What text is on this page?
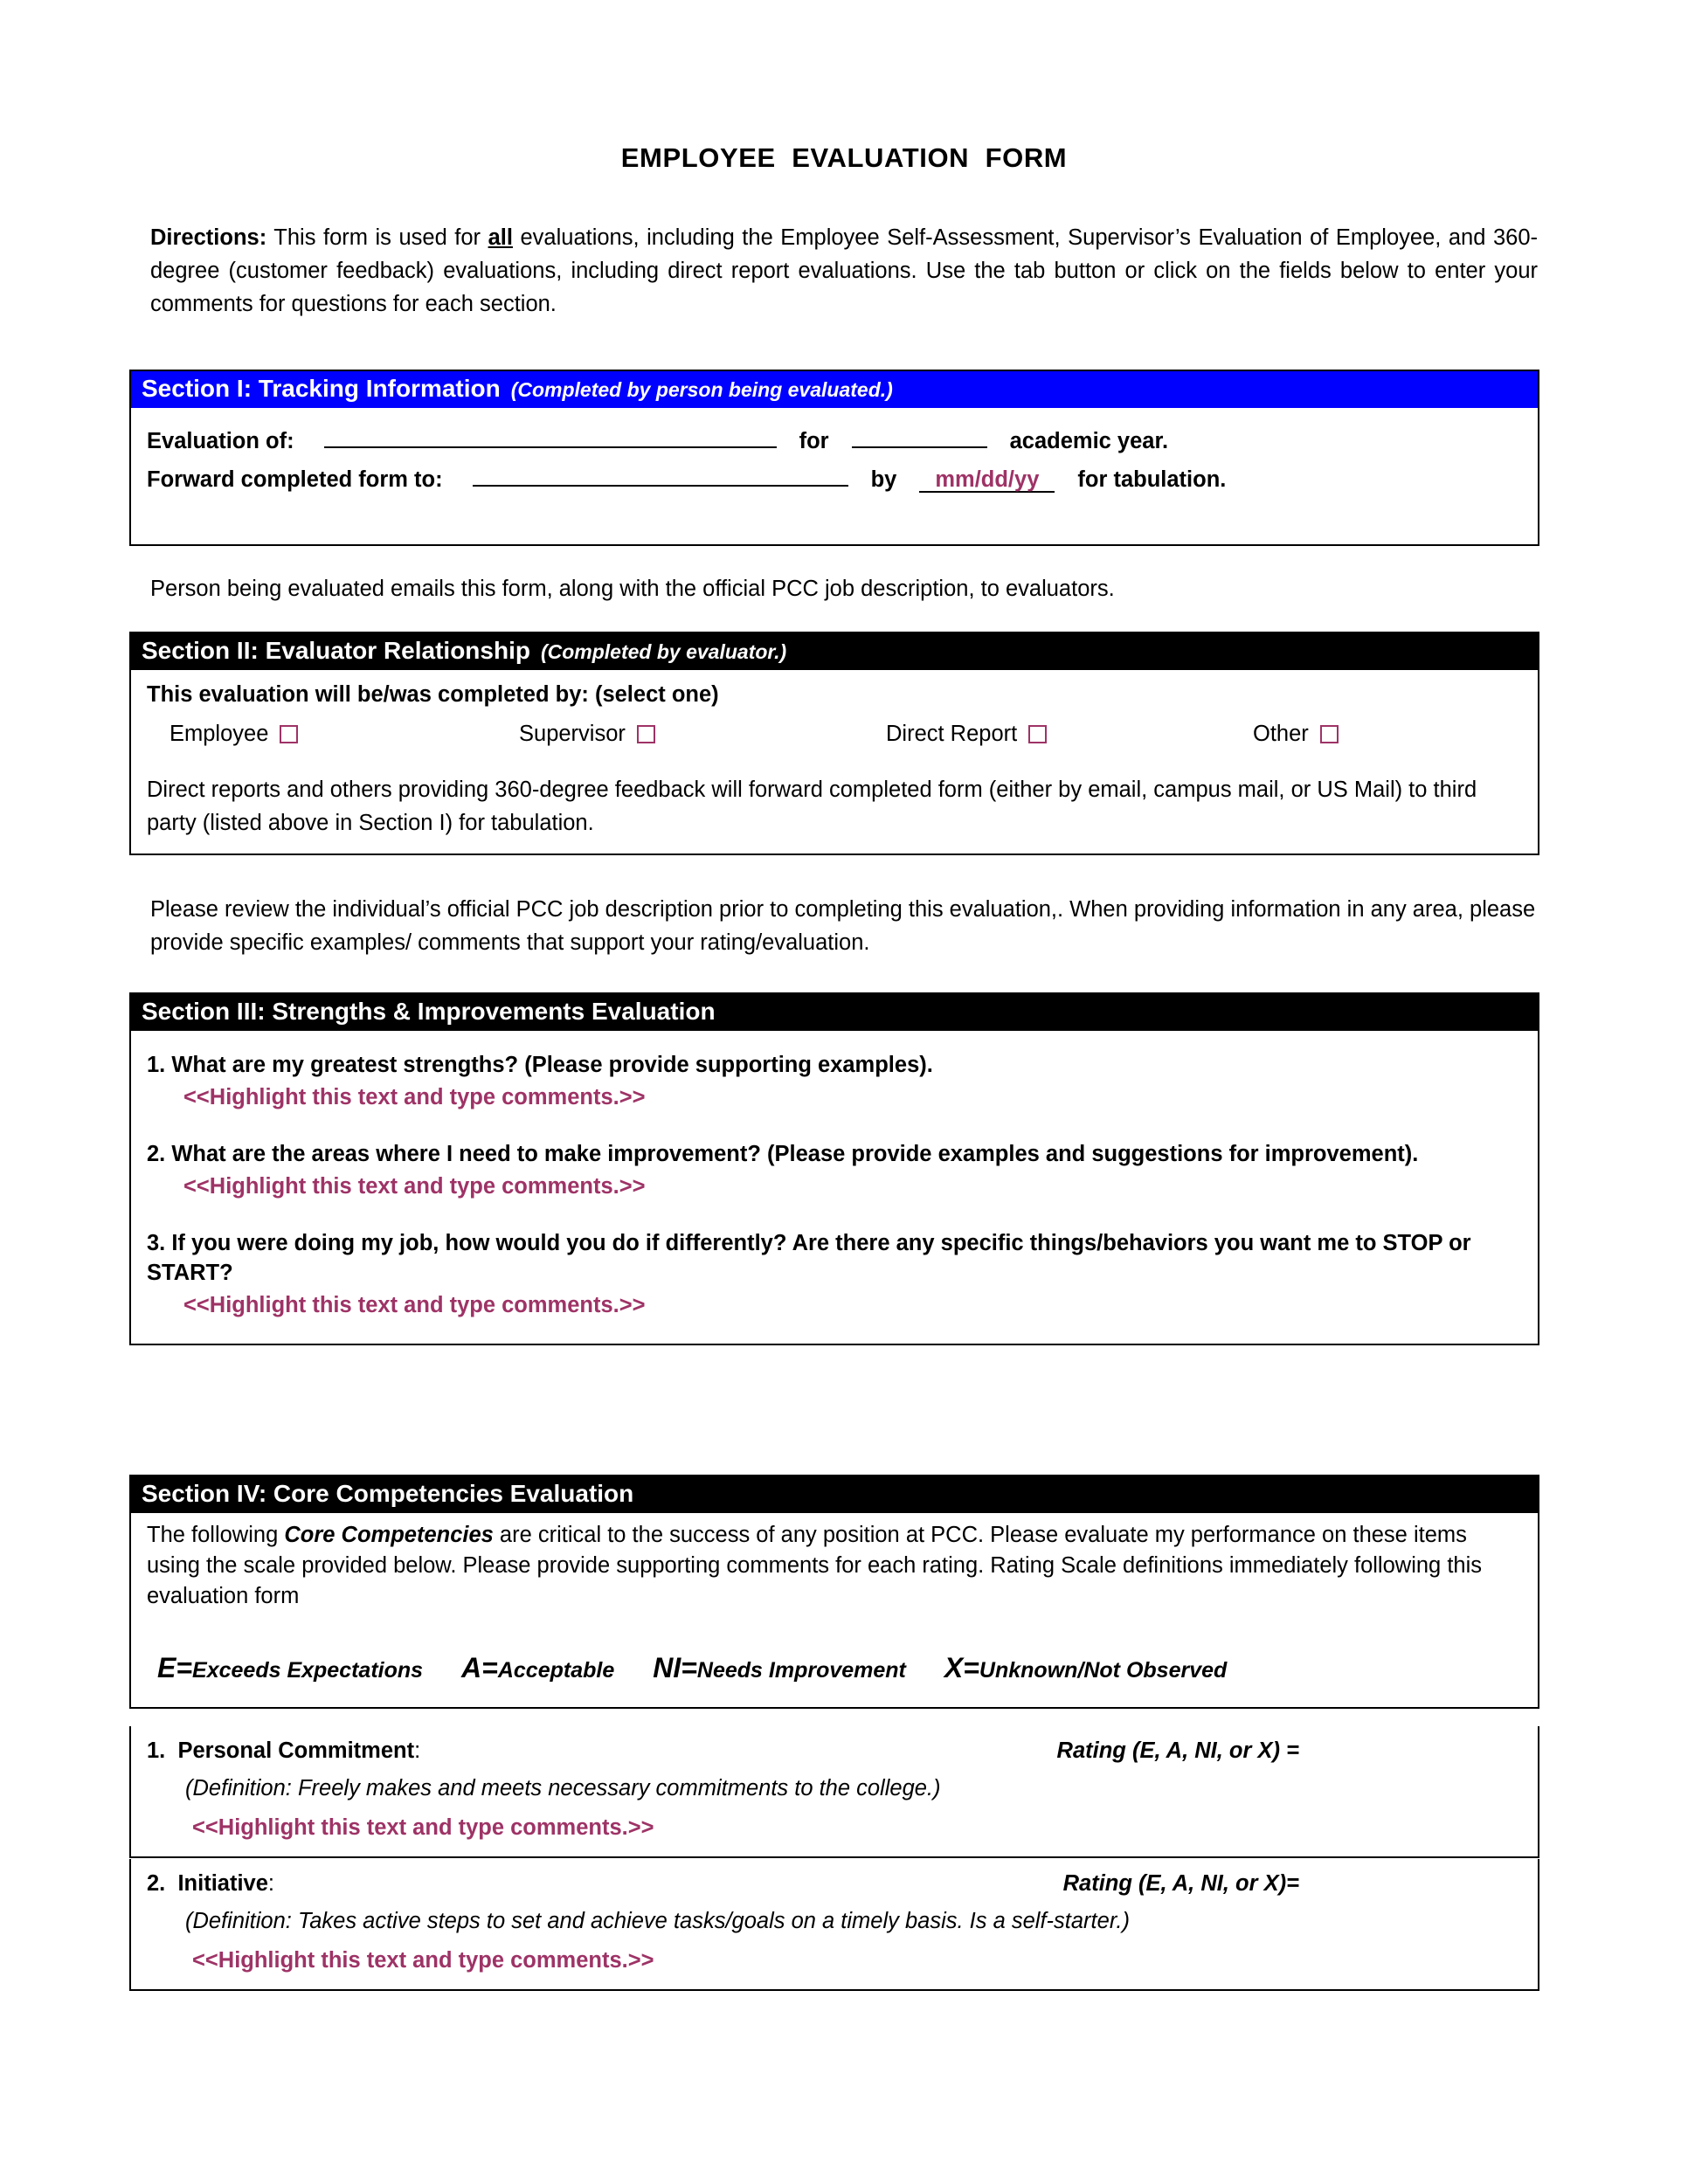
EMPLOYEE  EVALUATION  FORM
Directions: This form is used for all evaluations, including the Employee Self-Assessment, Supervisor’s Evaluation of Employee, and 360-degree (customer feedback) evaluations, including direct report evaluations. Use the tab button or click on the fields below to enter your comments for questions for each section.
Section I: Tracking Information (Completed by person being evaluated.)
Evaluation of:	for	academic year.
Forward completed form to:	by	mm/dd/yy	for tabulation.
Person being evaluated emails this form, along with the official PCC job description, to evaluators.
Section II: Evaluator Relationship (Completed by evaluator.)
This evaluation will be/was completed by: (select one)
Employee	Supervisor	Direct Report	Other
Direct reports and others providing 360-degree feedback will forward completed form (either by email, campus mail, or US Mail) to third party (listed above in Section I) for tabulation.
Please review the individual’s official PCC job description prior to completing this evaluation,. When providing information in any area, please provide specific examples/ comments that support your rating/evaluation.
Section III: Strengths & Improvements Evaluation
1. What are my greatest strengths? (Please provide supporting examples).
<<Highlight this text and type comments.>>
2. What are the areas where I need to make improvement? (Please provide examples and suggestions for improvement).
<<Highlight this text and type comments.>>
3. If you were doing my job, how would you do if differently? Are there any specific things/behaviors you want me to STOP or START?
<<Highlight this text and type comments.>>
Section IV: Core Competencies Evaluation
The following Core Competencies are critical to the success of any position at PCC. Please evaluate my performance on these items using the scale provided below. Please provide supporting comments for each rating. Rating Scale definitions immediately following this evaluation form
E=Exceeds Expectations A=Acceptable NI=Needs Improvement X=Unknown/Not Observed
1. Personal Commitment:	Rating (E, A, NI, or X) =
(Definition: Freely makes and meets necessary commitments to the college.)
<<Highlight this text and type comments.>>
2. Initiative:	Rating (E, A, NI, or X)=
(Definition: Takes active steps to set and achieve tasks/goals on a timely basis. Is a self-starter.)
<<Highlight this text and type comments.>>
